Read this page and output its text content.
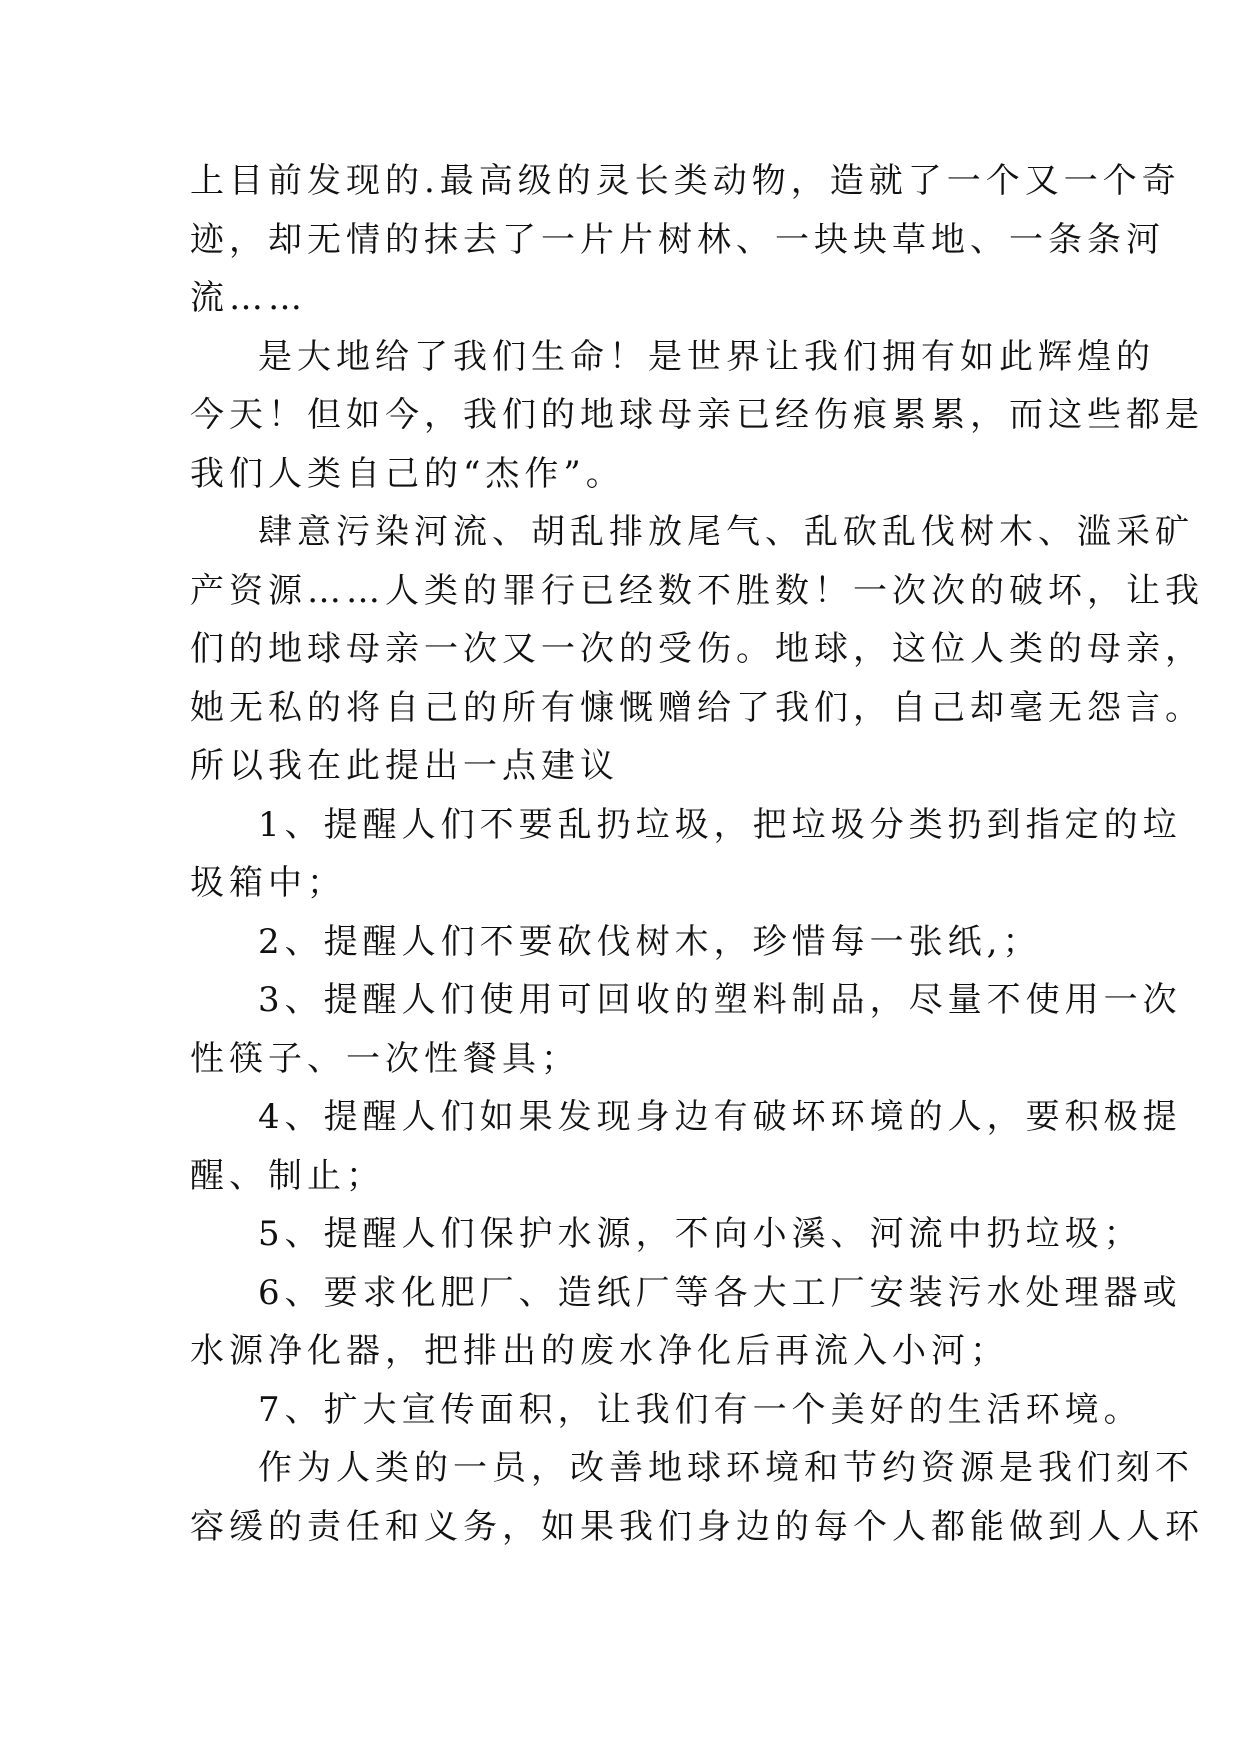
上目前发现的.最高级的灵长类动物，造就了一个又一个奇
迹，却无情的抹去了一片片树林、一块块草地、一条条河
流……
是大地给了我们生命！是世界让我们拥有如此辉煌的
今天！但如今，我们的地球母亲已经伤痕累累，而这些都是
我们人类自己的“杰作”。
肆意污染河流、胡乱排放尾气、乱砍乱伐树木、滥采矿
产资源……人类的罪行已经数不胜数！一次次的破坏，让我
们的地球母亲一次又一次的受伤。地球，这位人类的母亲，
她无私的将自己的所有慷慨赠给了我们，自己却毫无怨言。
所以我在此提出一点建议
1、提醒人们不要乱扔垃圾，把垃圾分类扔到指定的垃
圾箱中；
2、提醒人们不要砍伐树木，珍惜每一张纸,；
3、提醒人们使用可回收的塑料制品，尽量不使用一次
性筷子、一次性餐具；
4、提醒人们如果发现身边有破坏环境的人，要积极提
醒、制止；
5、提醒人们保护水源，不向小溪、河流中扔垃圾；
6、要求化肥厂、造纸厂等各大工厂安装污水处理器或
水源净化器，把排出的废水净化后再流入小河；
7、扩大宣传面积，让我们有一个美好的生活环境。
作为人类的一员，改善地球环境和节约资源是我们刻不
容缓的责任和义务，如果我们身边的每个人都能做到人人环
